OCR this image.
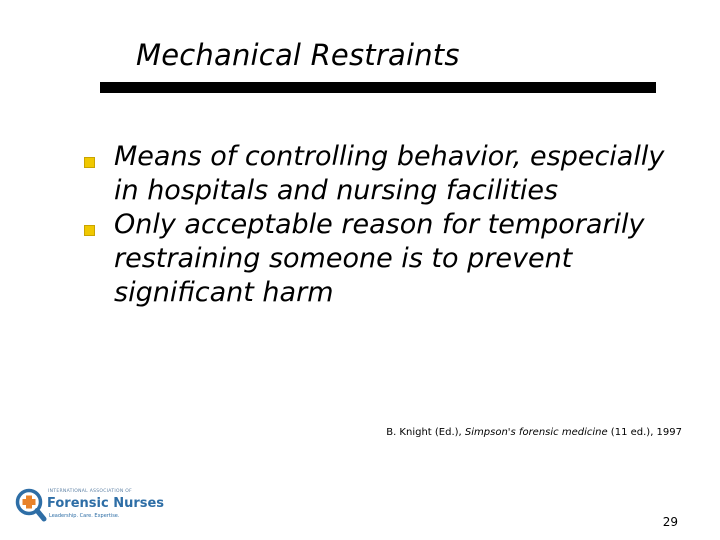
Mechanical Restraints
Means of controlling behavior, especially in hospitals and nursing facilities
Only acceptable reason for temporarily restraining someone is to prevent significant harm
B. Knight (Ed.), Simpson's forensic medicine (11 ed.), 1997
INTERNATIONAL ASSOCIATION OF
Forensic Nurses
Leadership. Care. Expertise.	29
